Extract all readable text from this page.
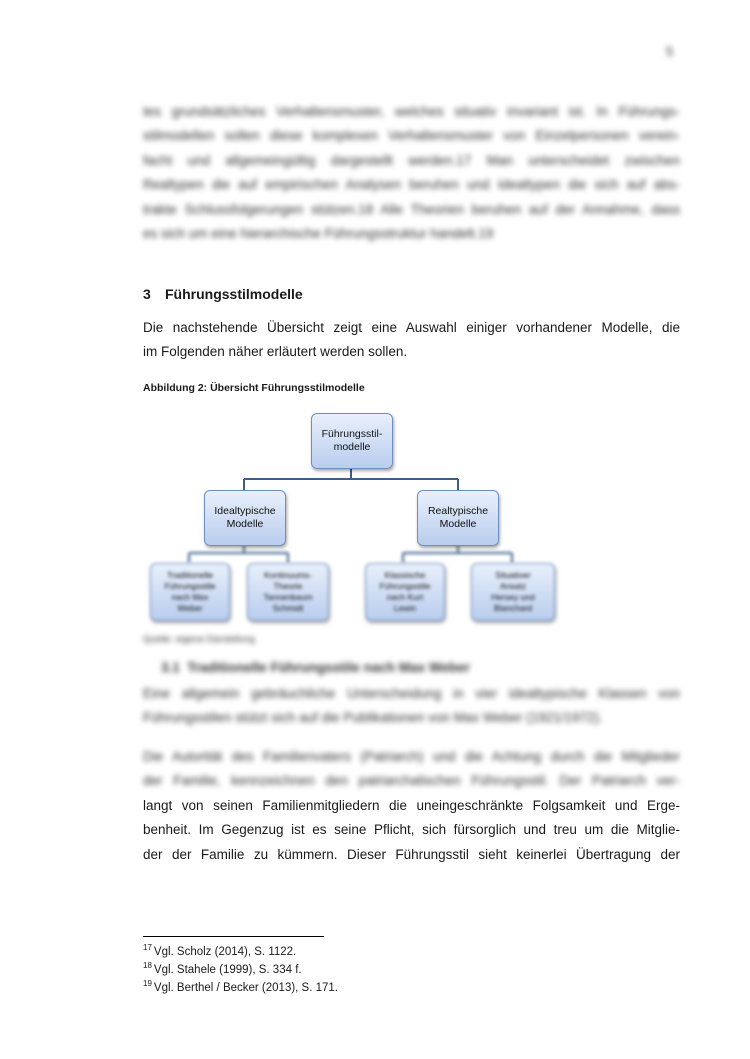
5
tes grundsätzliches Verhaltensmuster, welches situativ invariant ist. In Führungs-
stilmodellen sollen diese komplexen Verhaltensmuster von Einzelpersonen verein-
facht und allgemeingültig dargestellt werden.17 Man unterscheidet zwischen
Realtypen die auf empirischen Analysen beruhen und Idealtypen die sich auf abs-
trakte Schlussfolgerungen stützen.18 Alle Theorien beruhen auf der Annahme, dass
es sich um eine hierarchische Führungsstruktur handelt.19
3 Führungsstilmodelle
Die nachstehende Übersicht zeigt eine Auswahl einiger vorhandener Modelle, die
im Folgenden näher erläutert werden sollen.
Abbildung 2: Übersicht Führungsstilmodelle
Führungsstil-
modelle
Idealtypische
Modelle
Realtypische
Modelle
Traditionelle
Führungsstile
nach Max
Weber
Kontinuums-
Theorie
Tannenbaum
Schmidt
Klassische
Führungsstile
nach Kurt
Lewin
Situativer
Ansatz
Hersey und
Blanchard
Quelle: eigene Darstellung
3.1 Traditionelle Führungsstile nach Max Weber
Eine allgemein gebräuchliche Unterscheidung in vier idealtypische Klassen von
Führungsstilen stützt sich auf die Publikationen von Max Weber (1921/1972).
Die Autorität des Familienvaters (Patriarch) und die Achtung durch die Mitglieder
der Familie, kennzeichnen den patriarchalischen Führungsstil. Der Patriarch ver-
langt von seinen Familienmitgliedern die uneingeschränkte Folgsamkeit und Erge-
benheit. Im Gegenzug ist es seine Pflicht, sich fürsorglich und treu um die Mitglie-
der der Familie zu kümmern. Dieser Führungsstil sieht keinerlei Übertragung der
$^{17}$ Vgl. Scholz (2014), S. 1122.
$^{18}$ Vgl. Stahele (1999), S. 334 f.
$^{19}$ Vgl. Berthel / Becker (2013), S. 171.
